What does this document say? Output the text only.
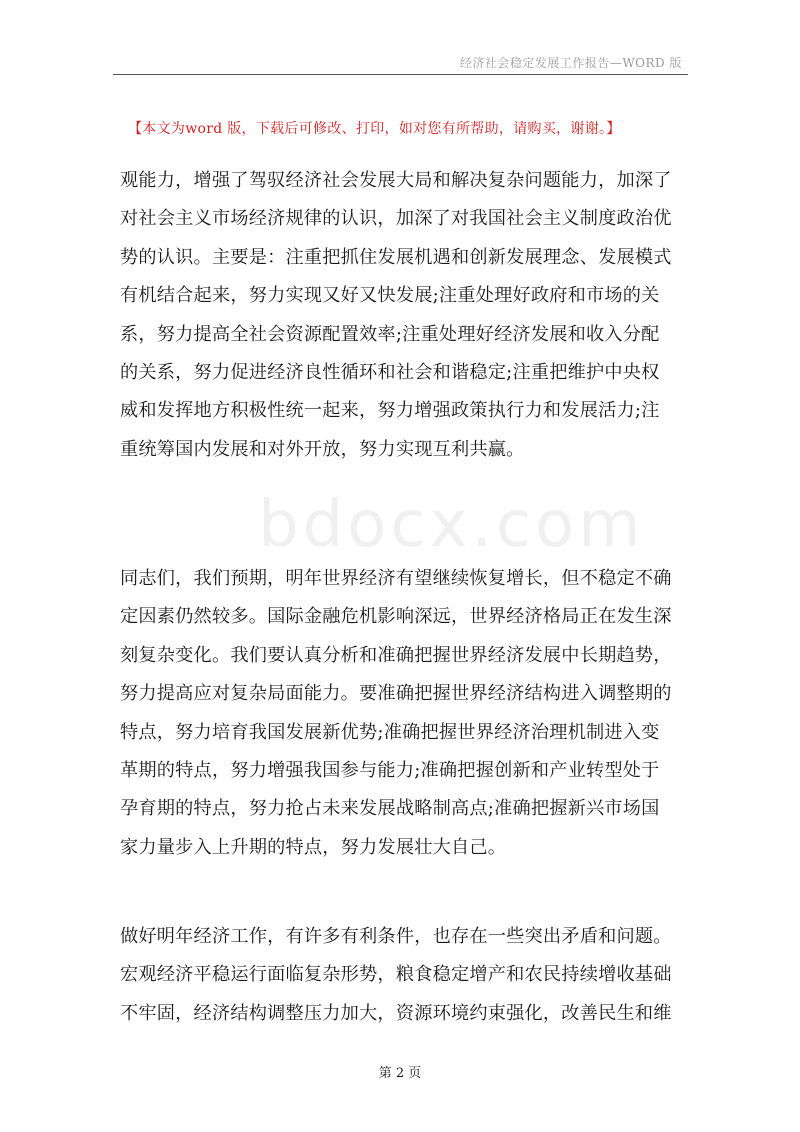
经济社会稳定发展工作报告—WORD 版
【本文为word 版，下载后可修改、打印，如对您有所帮助，请购买，谢谢。】
bdocx.com

观能力，增强了驾驭经济社会发展大局和解决复杂问题能力，加深了
对社会主义市场经济规律的认识，加深了对我国社会主义制度政治优
势的认识。主要是：注重把抓住发展机遇和创新发展理念、发展模式
有机结合起来，努力实现又好又快发展;注重处理好政府和市场的关
系，努力提高全社会资源配置效率;注重处理好经济发展和收入分配
的关系，努力促进经济良性循环和社会和谐稳定;注重把维护中央权
威和发挥地方积极性统一起来，努力增强政策执行力和发展活力;注
重统筹国内发展和对外开放，努力实现互利共赢。

同志们，我们预期，明年世界经济有望继续恢复增长，但不稳定不确
定因素仍然较多。国际金融危机影响深远，世界经济格局正在发生深
刻复杂变化。我们要认真分析和准确把握世界经济发展中长期趋势，
努力提高应对复杂局面能力。要准确把握世界经济结构进入调整期的
特点，努力培育我国发展新优势;准确把握世界经济治理机制进入变
革期的特点，努力增强我国参与能力;准确把握创新和产业转型处于
孕育期的特点，努力抢占未来发展战略制高点;准确把握新兴市场国
家力量步入上升期的特点，努力发展壮大自己。

做好明年经济工作，有许多有利条件，也存在一些突出矛盾和问题。
宏观经济平稳运行面临复杂形势，粮食稳定增产和农民持续增收基础
不牢固，经济结构调整压力加大，资源环境约束强化，改善民生和维

第 2 页
